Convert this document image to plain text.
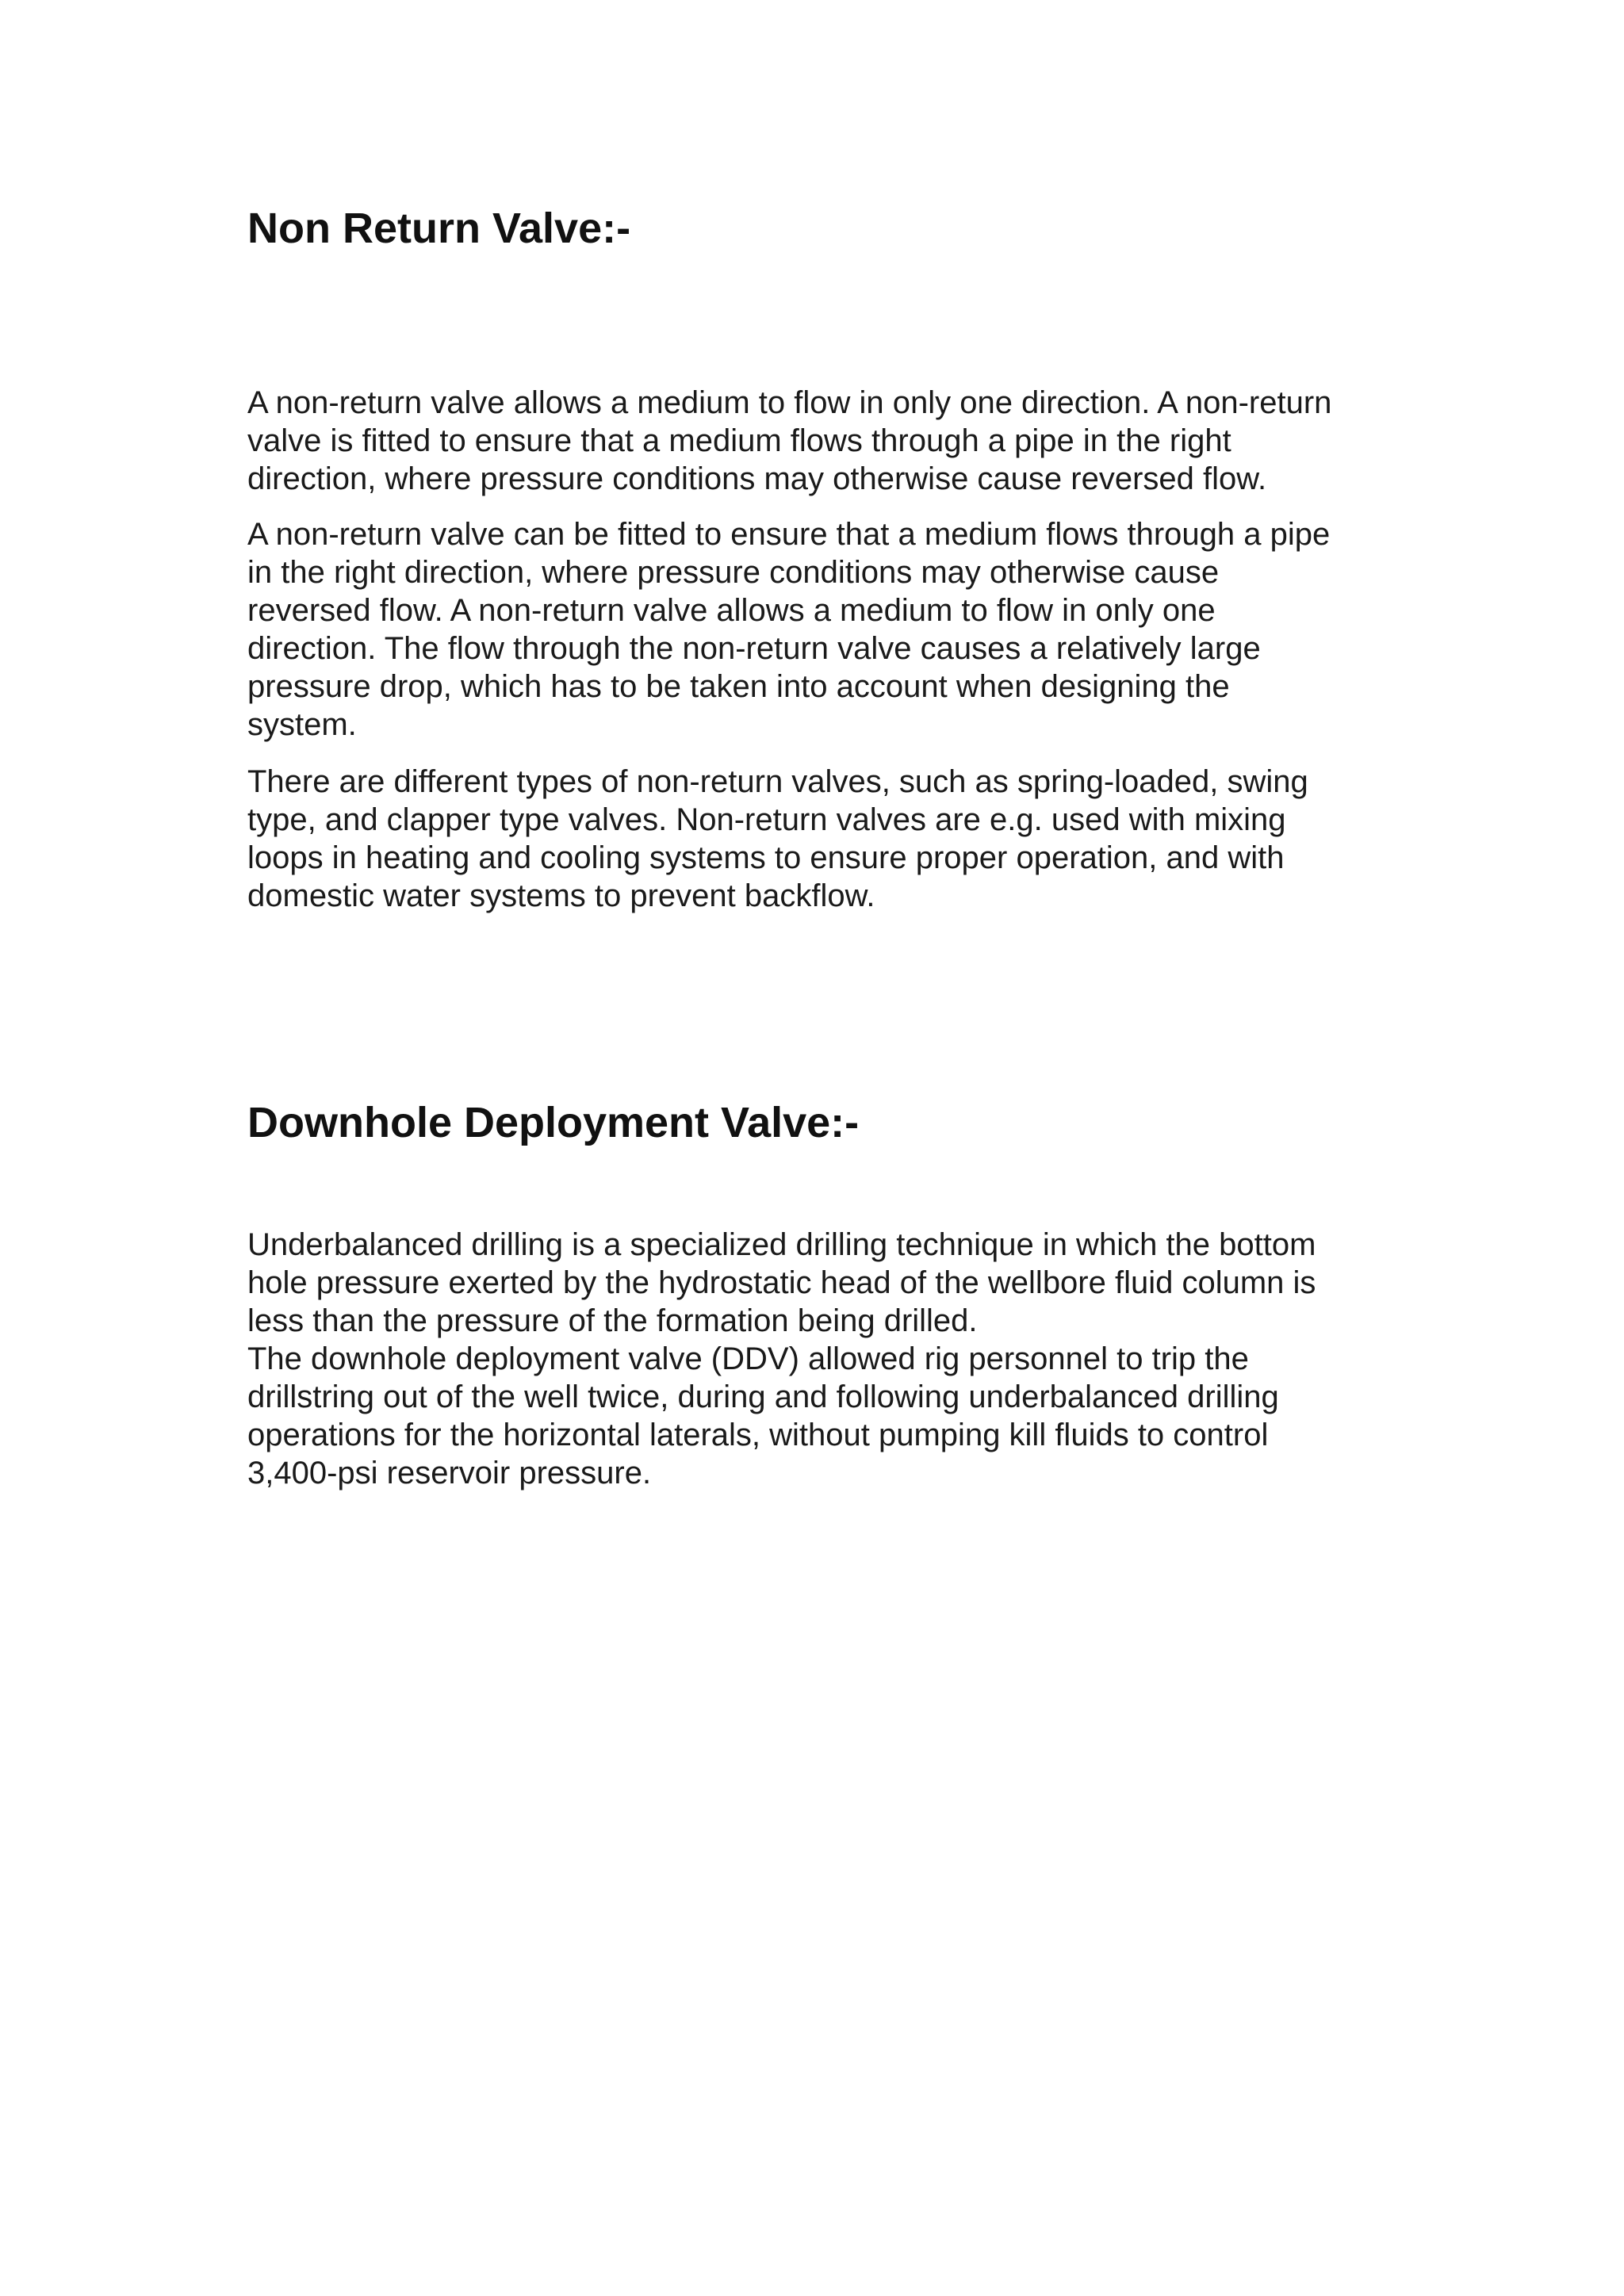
Non Return Valve:-

A non-return valve allows a medium to flow in only one direction. A non-return
valve is fitted to ensure that a medium flows through a pipe in the right
direction, where pressure conditions may otherwise cause reversed flow.

A non-return valve can be fitted to ensure that a medium flows through a pipe
in the right direction, where pressure conditions may otherwise cause
reversed flow. A non-return valve allows a medium to flow in only one
direction. The flow through the non-return valve causes a relatively large
pressure drop, which has to be taken into account when designing the
system.

There are different types of non-return valves, such as spring-loaded, swing
type, and clapper type valves. Non-return valves are e.g. used with mixing
loops in heating and cooling systems to ensure proper operation, and with
domestic water systems to prevent backflow.

Downhole Deployment Valve:-

Underbalanced drilling is a specialized drilling technique in which the bottom
hole pressure exerted by the hydrostatic head of the wellbore fluid column is
less than the pressure of the formation being drilled.
The downhole deployment valve (DDV) allowed rig personnel to trip the
drillstring out of the well twice, during and following underbalanced drilling
operations for the horizontal laterals, without pumping kill fluids to control
3,400-psi reservoir pressure.
